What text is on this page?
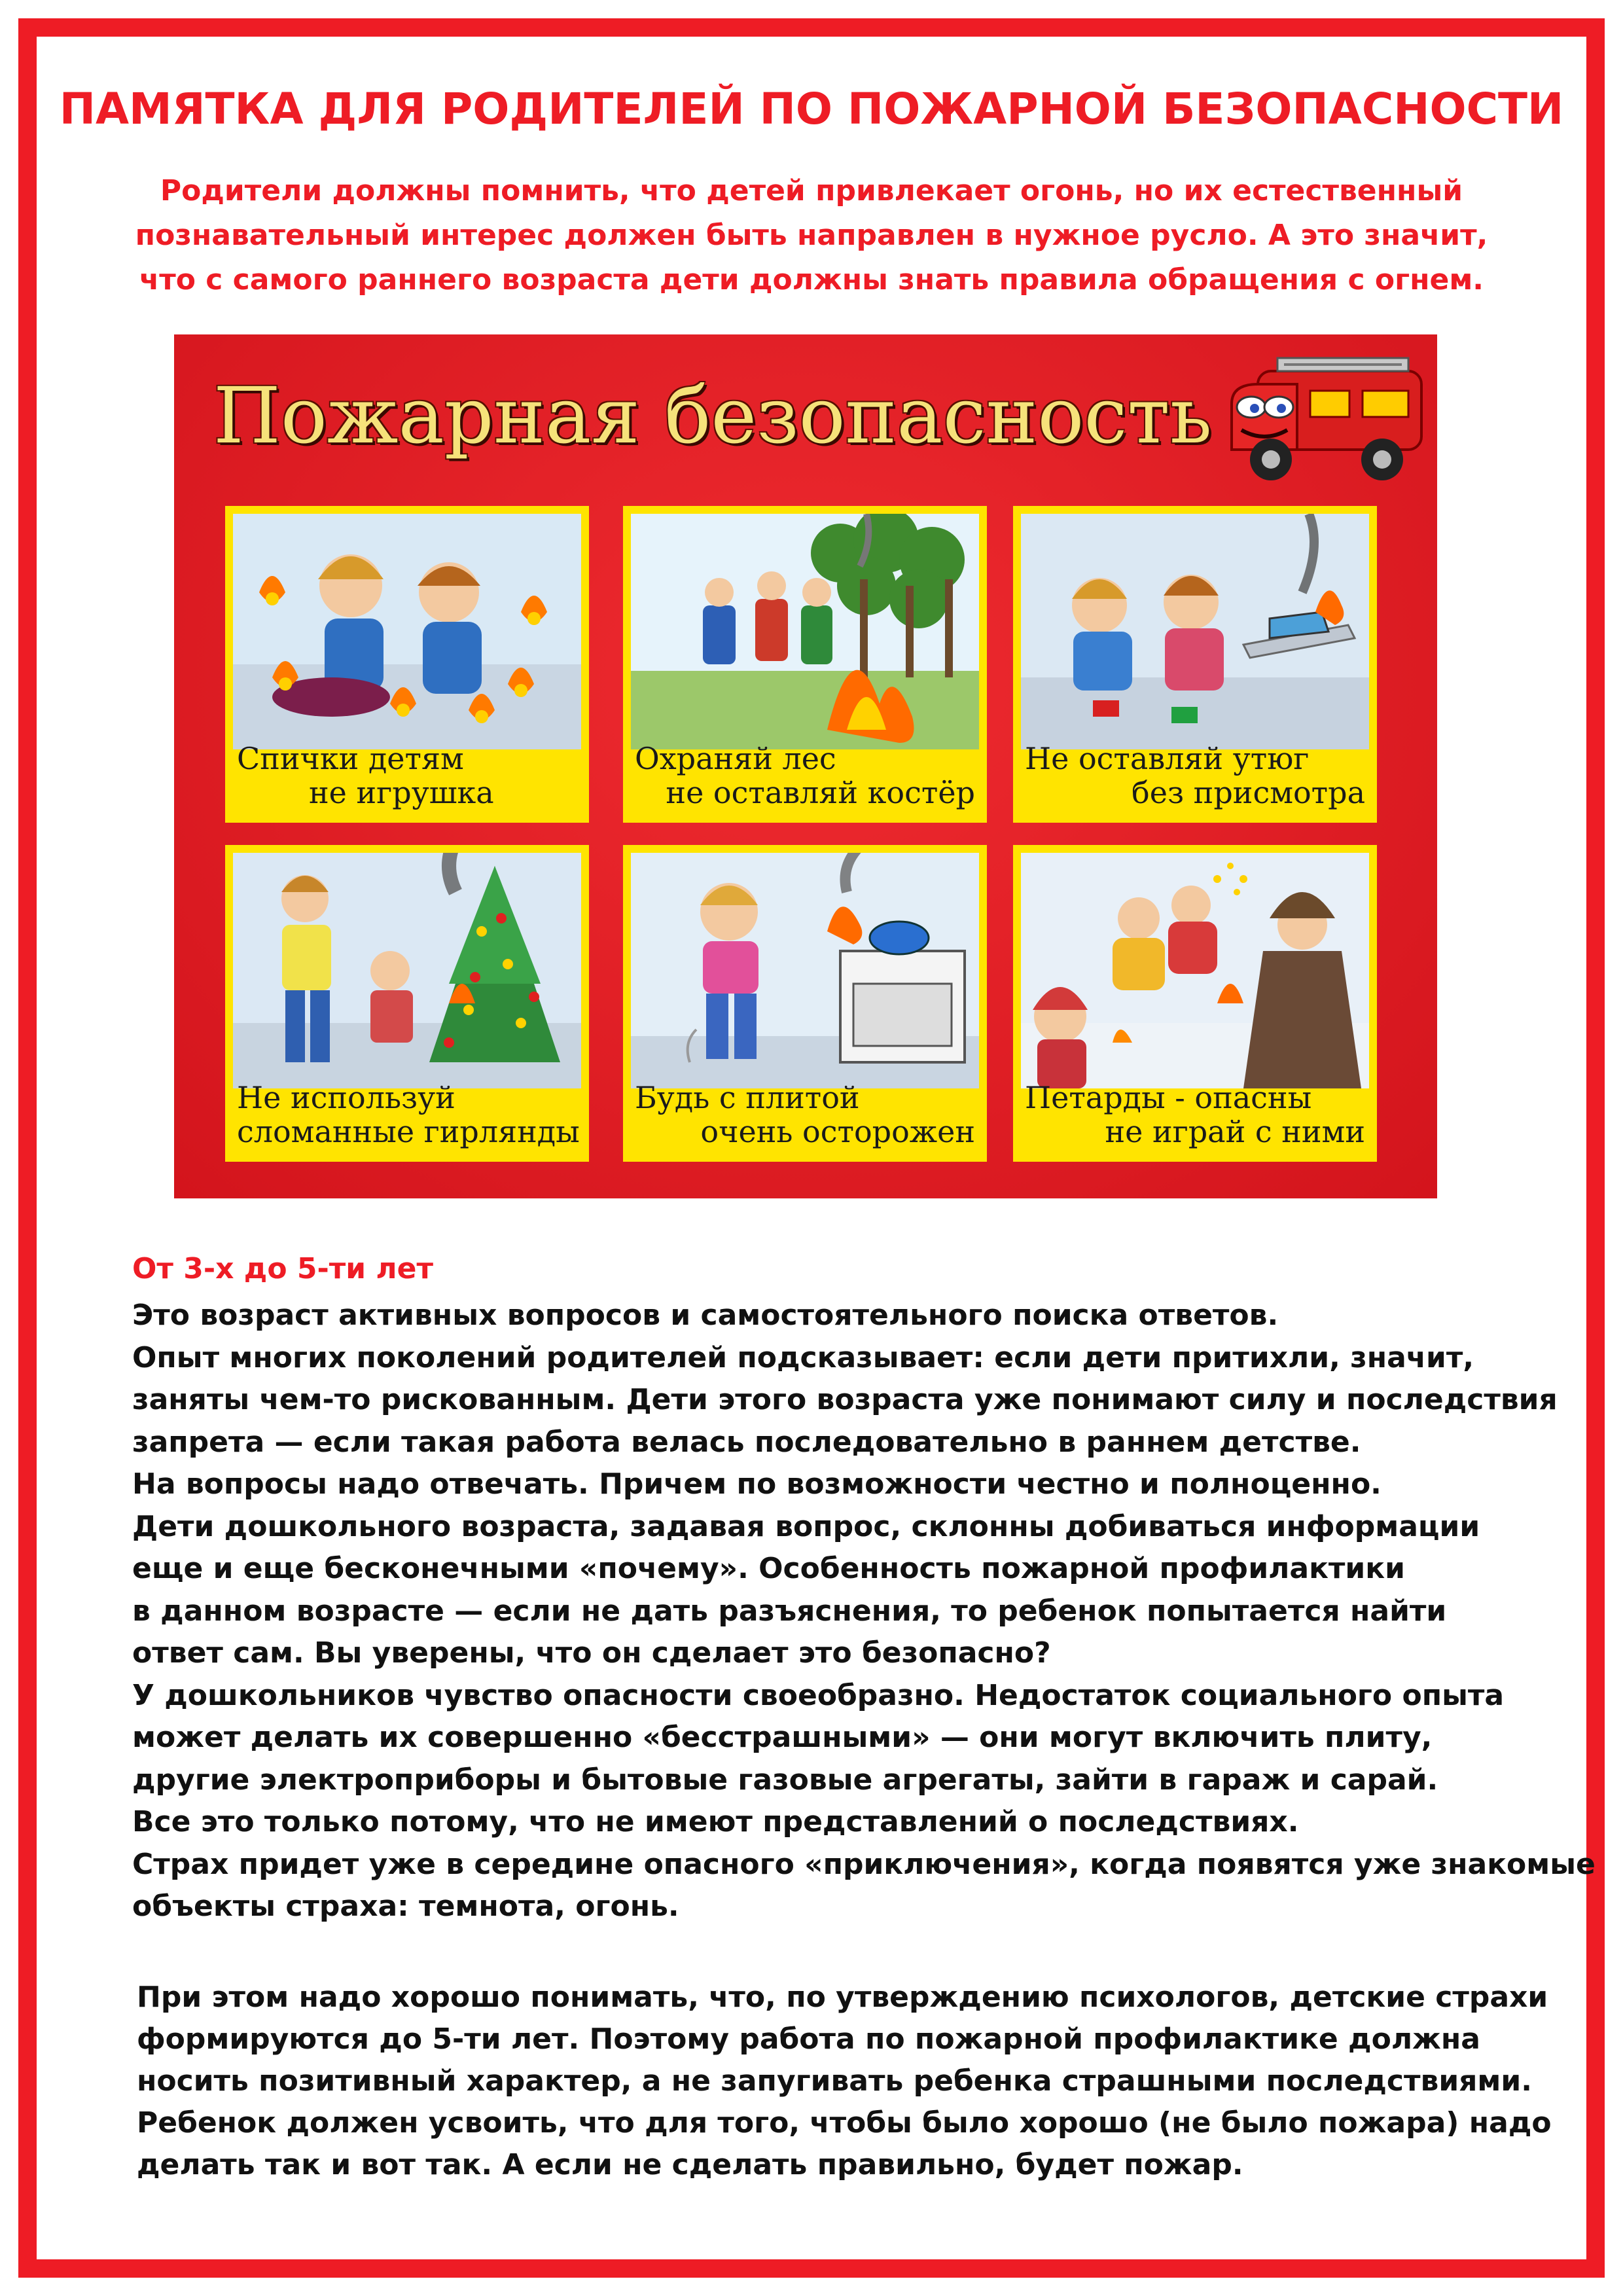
ПАМЯТКА ДЛЯ РОДИТЕЛЕЙ ПО ПОЖАРНОЙ БЕЗОПАСНОСТИ
Родители должны помнить, что детей привлекает огонь, но их естественный
познавательный интерес должен быть направлен в нужное русло. А это значит,
что с самого раннего возраста дети должны знать правила обращения с огнем.
Пожарная безопасность
Спички детям
не игрушка
Охраняй лес
не оставляй костёр
Не оставляй утюг
без присмотра
Не используй
сломанные гирлянды
Будь с плитой
очень осторожен
Петарды - опасны
не играй с ними
От 3-х до 5-ти лет
Это возраст активных вопросов и самостоятельного поиска ответов.
Опыт многих поколений родителей подсказывает: если дети притихли, значит,
заняты чем-то рискованным. Дети этого возраста уже понимают силу и последствия
запрета — если такая работа велась последовательно в раннем детстве.
На вопросы надо отвечать. Причем по возможности честно и полноценно.
Дети дошкольного возраста, задавая вопрос, склонны добиваться информации
еще и еще бесконечными «почему». Особенность пожарной профилактики
в данном возрасте — если не дать разъяснения, то ребенок попытается найти
ответ сам. Вы уверены, что он сделает это безопасно?
У дошкольников чувство опасности своеобразно. Недостаток социального опыта
может делать их совершенно «бесстрашными» — они могут включить плиту,
другие электроприборы и бытовые газовые агрегаты, зайти в гараж и сарай.
Все это только потому, что не имеют представлений о последствиях.
Страх придет уже в середине опасного «приключения», когда появятся уже знакомые
объекты страха: темнота, огонь.
При этом надо хорошо понимать, что, по утверждению психологов, детские страхи
формируются до 5-ти лет. Поэтому работа по пожарной профилактике должна
носить позитивный характер, а не запугивать ребенка страшными последствиями.
Ребенок должен усвоить, что для того, чтобы было хорошо (не было пожара) надо
делать так и вот так. А если не сделать правильно, будет пожар.
